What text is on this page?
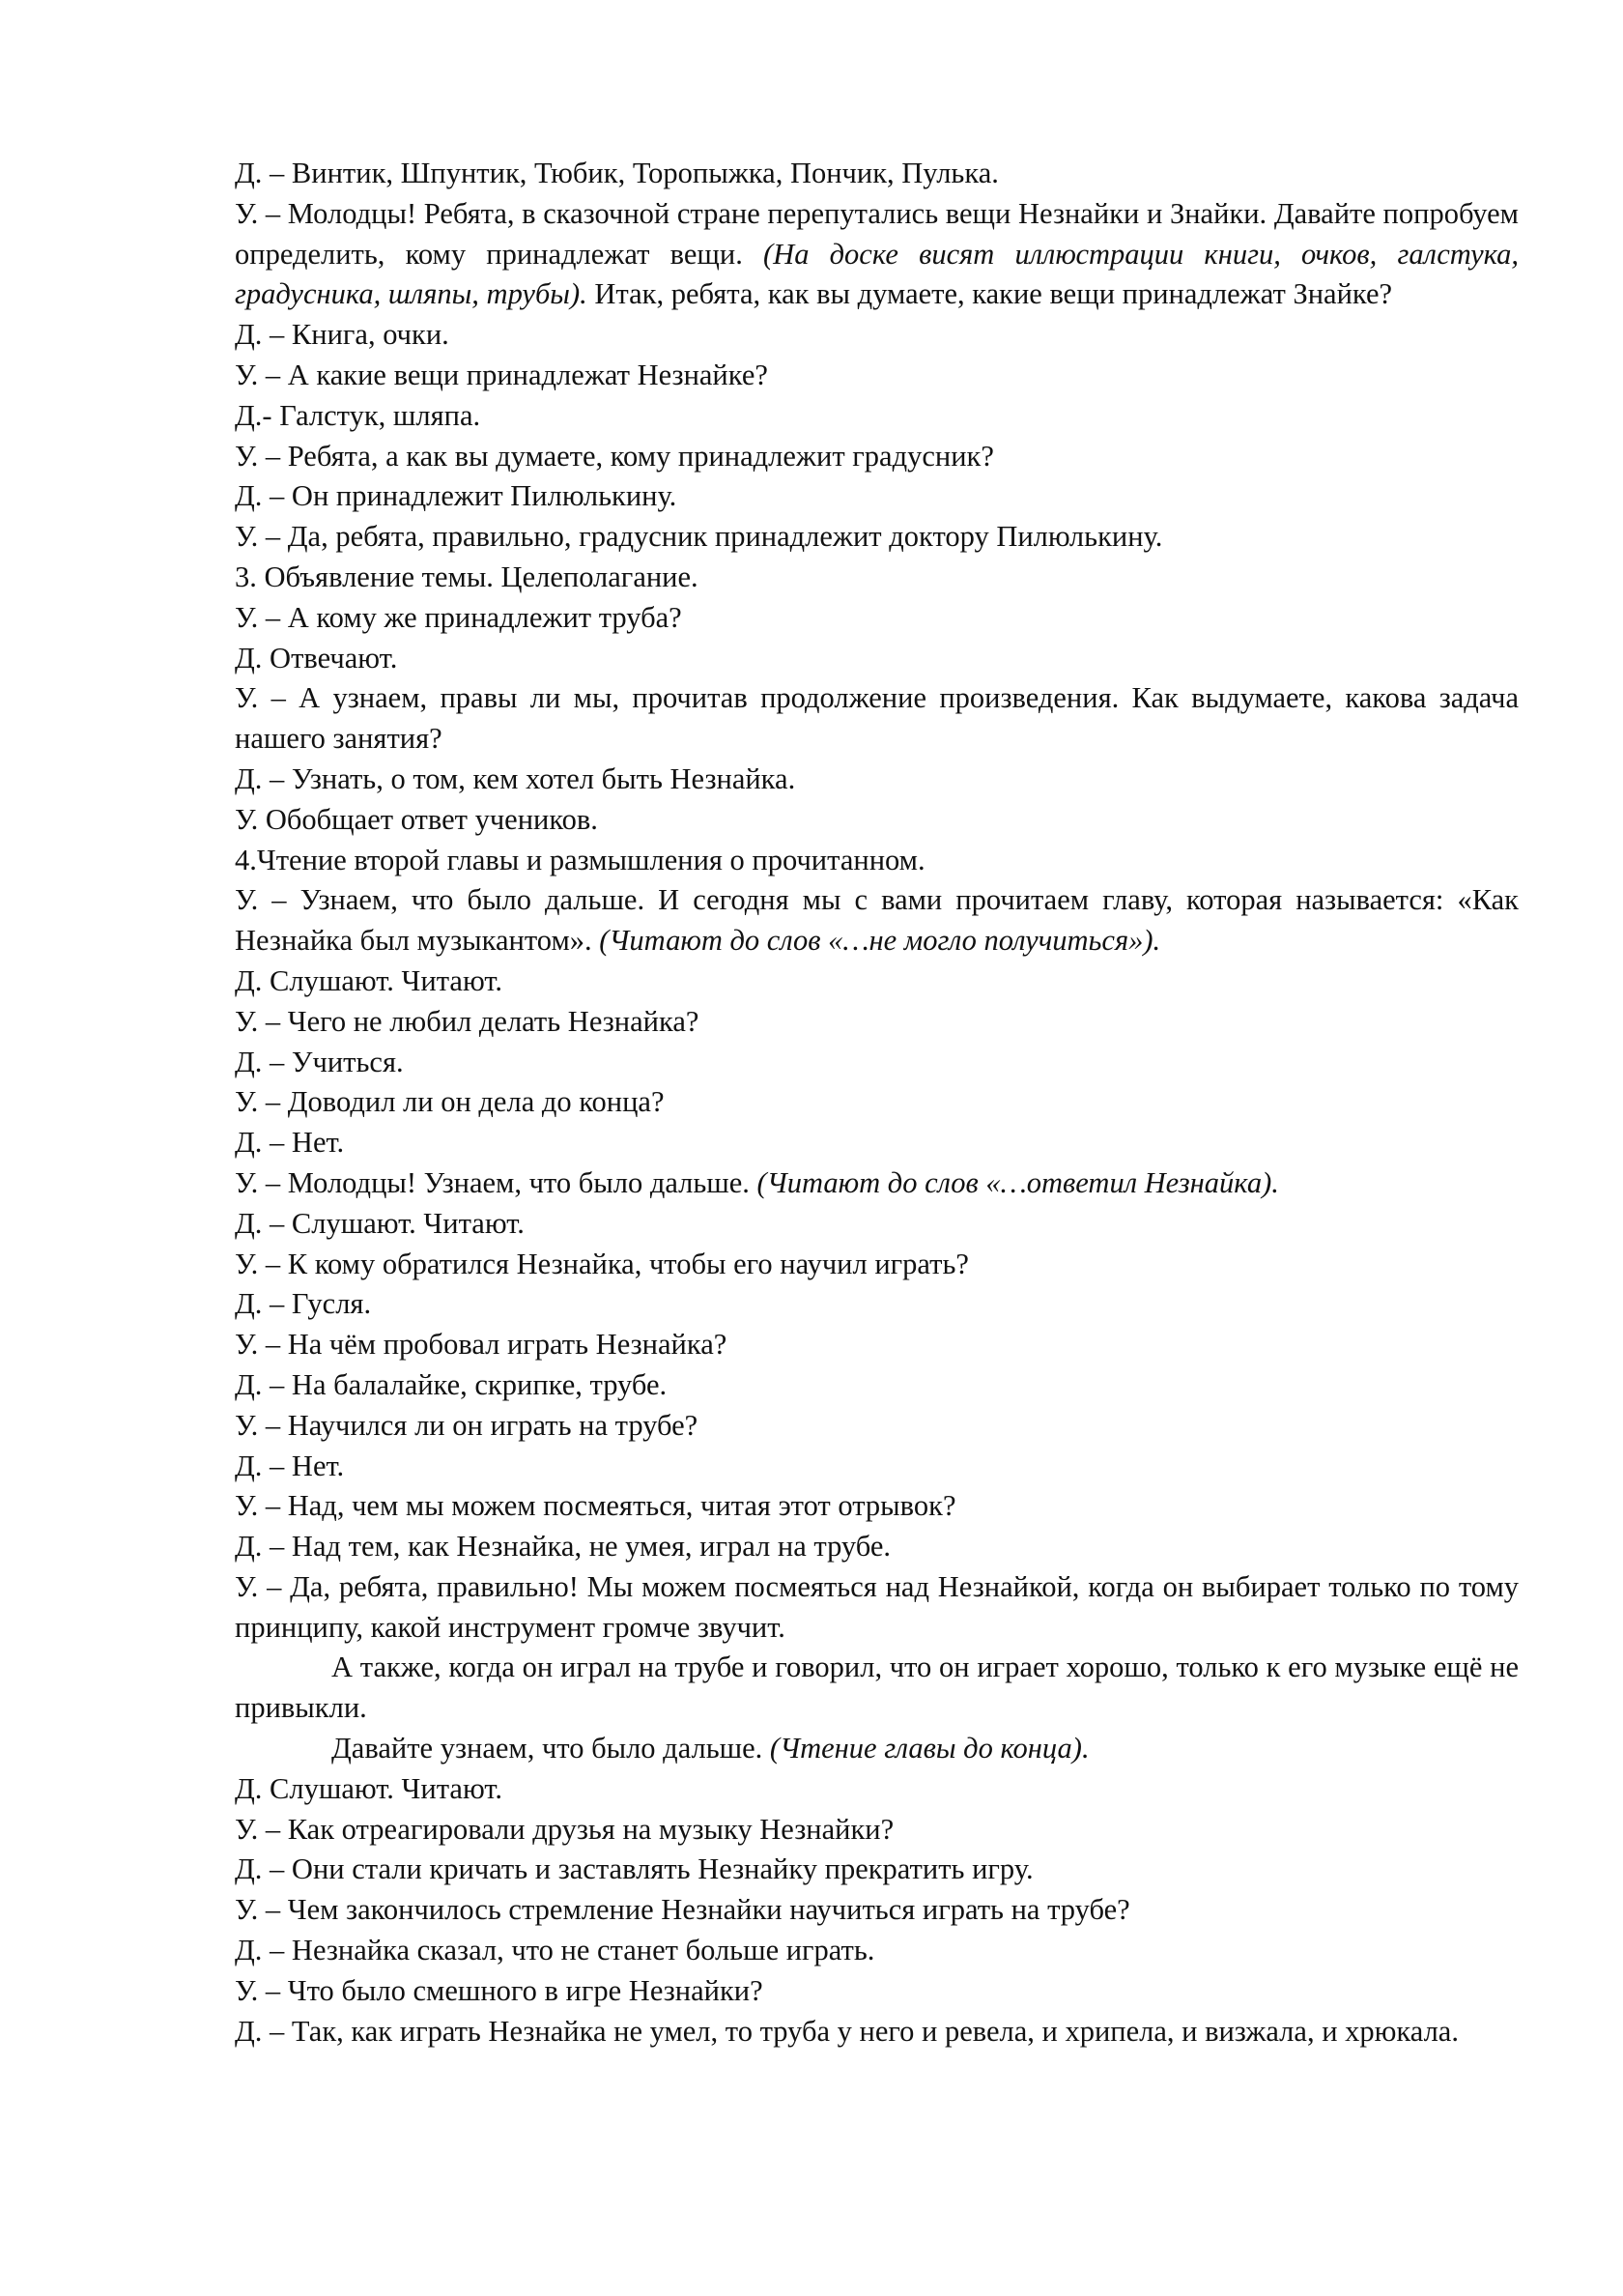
Д. – Винтик, Шпунтик, Тюбик, Торопыжка, Пончик, Пулька.

У. – Молодцы! Ребята, в сказочной стране перепутались вещи Незнайки и Знайки. Давайте попробуем определить, кому принадлежат вещи. (На доске висят иллюстрации книги, очков, галстука, градусника, шляпы, трубы). Итак, ребята, как вы думаете, какие вещи принадлежат Знайке?

Д. – Книга, очки.

У. – А какие вещи принадлежат Незнайке?

Д.- Галстук, шляпа.

У. – Ребята, а как вы думаете, кому принадлежит градусник?

Д. – Он принадлежит Пилюлькину.

У. – Да, ребята, правильно, градусник принадлежит доктору Пилюлькину.

3. Объявление темы. Целеполагание.

У. – А кому же принадлежит труба?

Д. Отвечают.

У. – А узнаем, правы ли мы, прочитав продолжение произведения. Как выдумаете, какова задача нашего занятия?

Д. – Узнать, о том, кем хотел быть Незнайка.

У. Обобщает ответ учеников.

4.Чтение второй главы и размышления о прочитанном.

У. – Узнаем, что было дальше. И сегодня мы с вами прочитаем главу, которая называется: «Как Незнайка был музыкантом». (Читают до слов «…не могло получиться»).

Д. Слушают. Читают.

У. – Чего не любил делать Незнайка?

Д. – Учиться.

У. – Доводил ли он дела до конца?

Д. – Нет.

У. – Молодцы! Узнаем, что было дальше. (Читают до слов «…ответил Незнайка).

Д. – Слушают. Читают.

У. – К кому обратился Незнайка, чтобы его научил играть?

Д. – Гусля.

У. – На чём пробовал играть Незнайка?

Д. – На балалайке, скрипке, трубе.

У. – Научился ли он играть на трубе?

Д. – Нет.

У. – Над, чем мы можем посмеяться, читая этот отрывок?

Д. – Над тем, как Незнайка, не умея, играл на трубе.

У. – Да, ребята, правильно! Мы можем посмеяться над Незнайкой, когда он выбирает только по тому принципу, какой инструмент громче звучит.

А также, когда он играл на трубе и говорил, что он играет хорошо, только к его музыке ещё не привыкли.

Давайте узнаем, что было дальше. (Чтение главы до конца).

Д. Слушают. Читают.

У. – Как отреагировали друзья на музыку Незнайки?

Д. – Они стали кричать и заставлять Незнайку прекратить игру.

У. – Чем закончилось стремление Незнайки научиться играть на трубе?

Д. – Незнайка сказал, что не станет больше играть.

У. – Что было смешного в игре Незнайки?

Д. – Так, как играть Незнайка не умел, то труба у него и ревела, и хрипела, и визжала, и хрюкала.
